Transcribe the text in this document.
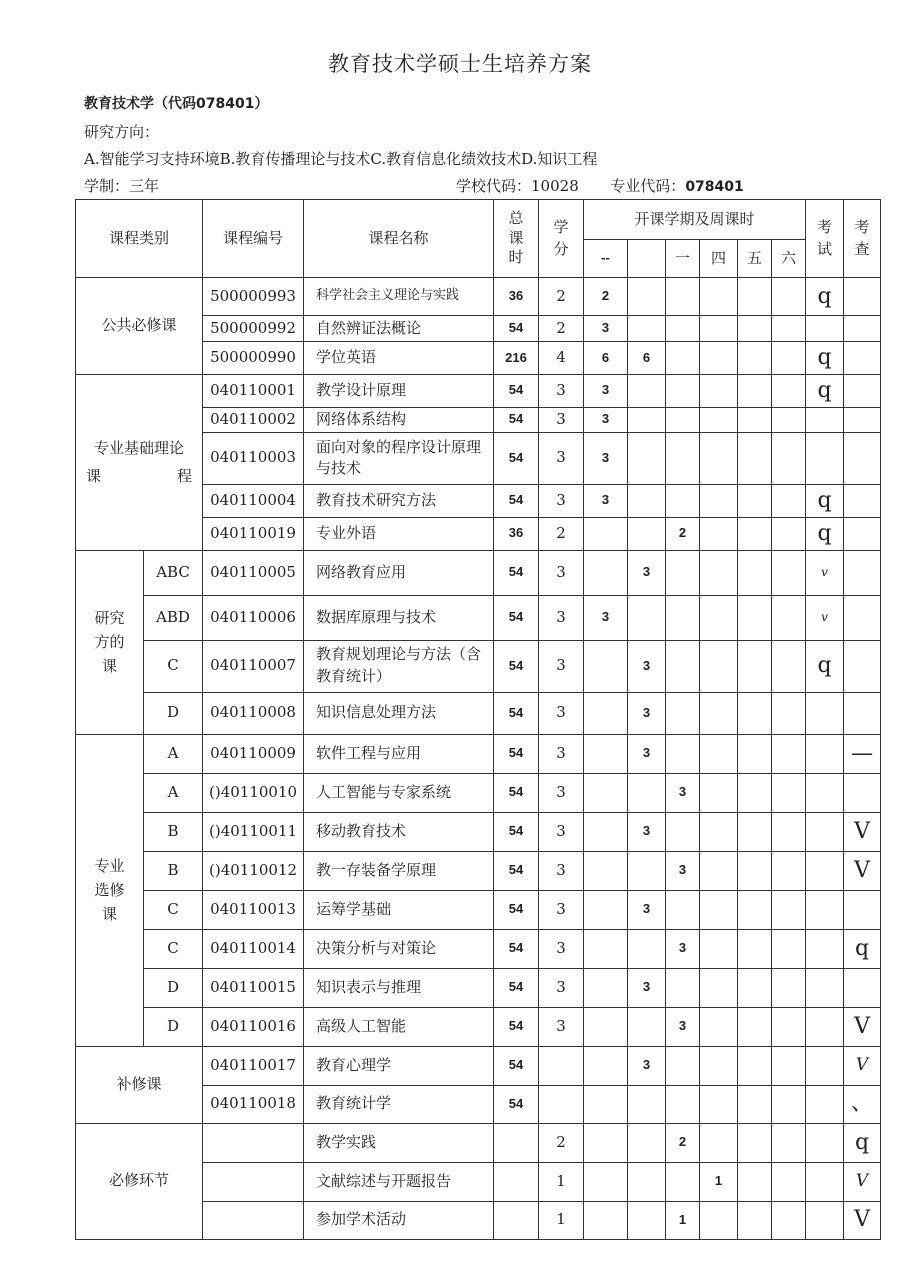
教育技术学硕士生培养方案
教育技术学（代码078401）
研究方向：
A.智能学习支持环境B.教育传播理论与技术C.教育信息化绩效技术D.知识工程
学制：三年	学校代码：10028 专业代码：078401
课程类别		课程编号	课程名称	总课时	学分	开课学期及周课时						考试	考查
						--		一	四	五	六		
公共必修课		500000993	科学社会主义理论与实践	36	2	2						q	
		500000992	自然辨证法概论	54	2	3							
		500000990	学位英语	216	4	6	6					q	

专业基础理论
课 程		040110001	教学设计原理	54	3	3						q	
		040110002	网络体系结构	54	3	3							
		040110003	面向对象的程序设计原理与技术	54	3	3							
		040110004	教育技术研究方法	54	3	3						q	
		040110019	专业外语	36	2			2				q	
研究方的课	ABC	040110005	网络教育应用	54	3		3					v	
	ABD	040110006	数据库原理与技术	54	3	3						v	
	C	040110007	教育规划理论与方法（含教育统计）	54	3		3					q	
	D	040110008	知识信息处理方法	54	3		3						
专业选修课	A	040110009	软件工程与应用	54	3		3						—
	A	()40110010	人工智能与专家系统	54	3			3					
	B	()40110011	移动教育技术	54	3		3						V
	B	()40110012	教一存装备学原理	54	3			3					V
	C	040110013	运筹学基础	54	3		3						
	C	040110014	决策分析与对策论	54	3			3					q
	D	040110015	知识表示与推理	54	3		3						
	D	040110016	高级人工智能	54	3			3					V
补修课		040110017	教育心理学	54			3						V
		040110018	教育统计学	54									、
必修环节			教学实践		2			2					q
			文献综述与开题报告		1				1				V
			参加学术活动		1			1					V
